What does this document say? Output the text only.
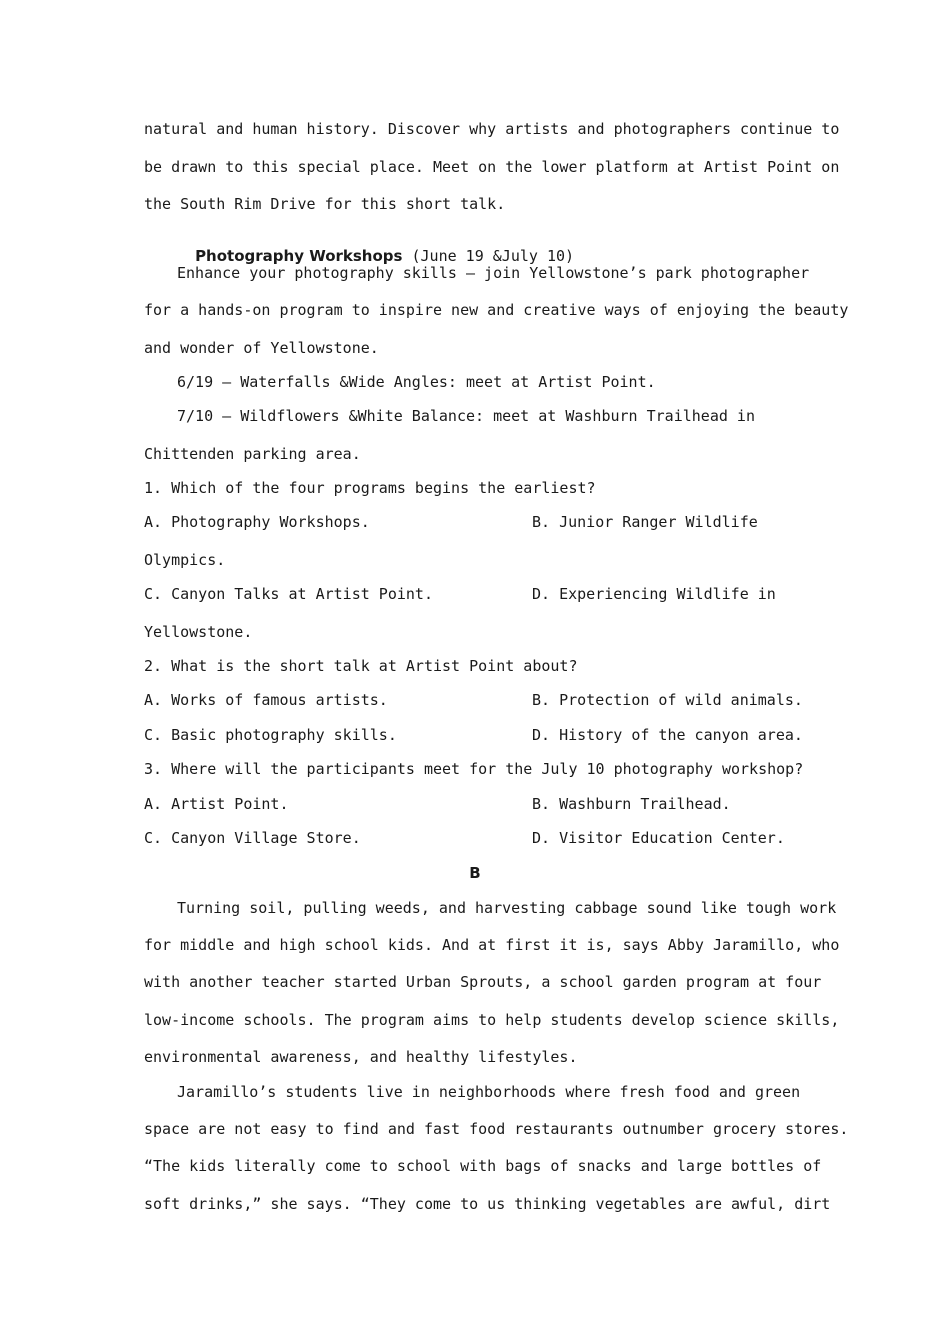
natural and human history. Discover why artists and photographers continue to
be drawn to this special place. Meet on the lower platform at Artist Point on
the South Rim Drive for this short talk.

Photography Workshops (June 19 &July 10)

Enhance your photography skills — join Yellowstone’s park photographer
for a hands-on program to inspire new and creative ways of enjoying the beauty
and wonder of Yellowstone.
6/19 — Waterfalls &Wide Angles: meet at Artist Point.
7/10 — Wildflowers &White Balance: meet at Washburn Trailhead in
Chittenden parking area.
1. Which of the four programs begins the earliest?
A. Photography Workshops.	B. Junior Ranger Wildlife
Olympics.
C. Canyon Talks at Artist Point.	D. Experiencing Wildlife in
Yellowstone.
2. What is the short talk at Artist Point about?
A. Works of famous artists.	B. Protection of wild animals.
C. Basic photography skills.	D. History of the canyon area.
3. Where will the participants meet for the July 10 photography workshop?
A. Artist Point.	B. Washburn Trailhead.
C. Canyon Village Store.	D. Visitor Education Center.
B
Turning soil, pulling weeds, and harvesting cabbage sound like tough work
for middle and high school kids. And at first it is, says Abby Jaramillo, who
with another teacher started Urban Sprouts, a school garden program at four
low-income schools. The program aims to help students develop science skills,
environmental awareness, and healthy lifestyles.
Jaramillo’s students live in neighborhoods where fresh food and green
space are not easy to find and fast food restaurants outnumber grocery stores.
“The kids literally come to school with bags of snacks and large bottles of
soft drinks,” she says. “They come to us thinking vegetables are awful, dirt
